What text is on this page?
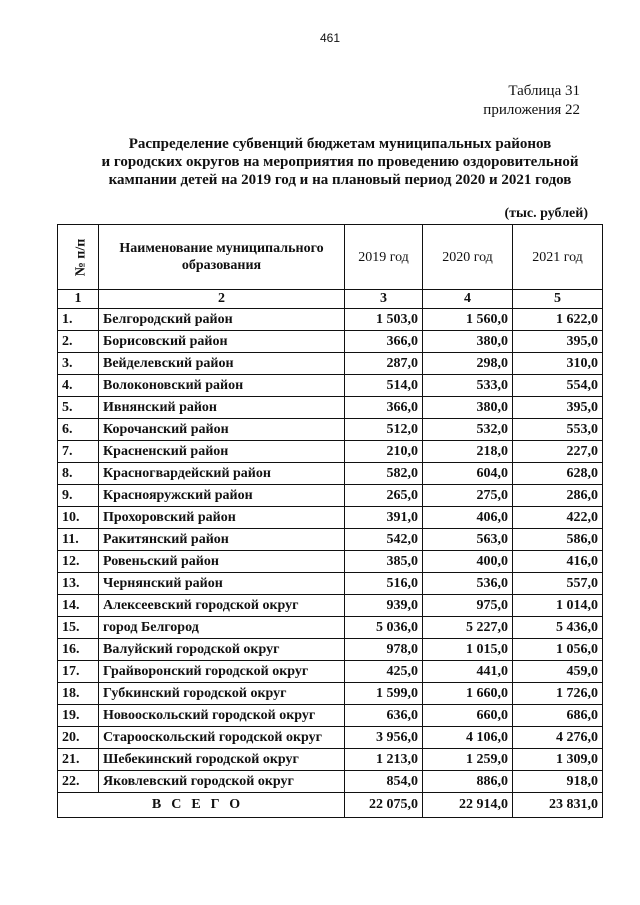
461
Таблица 31
приложения 22
Распределение субвенций бюджетам муниципальных районов
и городских округов на мероприятия по проведению оздоровительной
кампании детей на 2019 год и на плановый период 2020 и 2021 годов
(тыс. рублей)
№ п/п	Наименование муниципального образования	2019 год	2020 год	2021 год
1	2	3	4	5
1.	Белгородский район	1 503,0	1 560,0	1 622,0
2.	Борисовский район	366,0	380,0	395,0
3.	Вейделевский район	287,0	298,0	310,0
4.	Волоконовский район	514,0	533,0	554,0
5.	Ивнянский район	366,0	380,0	395,0
6.	Корочанский район	512,0	532,0	553,0
7.	Красненский район	210,0	218,0	227,0
8.	Красногвардейский район	582,0	604,0	628,0
9.	Краснояружский район	265,0	275,0	286,0
10.	Прохоровский район	391,0	406,0	422,0
11.	Ракитянский район	542,0	563,0	586,0
12.	Ровеньский район	385,0	400,0	416,0
13.	Чернянский район	516,0	536,0	557,0
14.	Алексеевский городской округ	939,0	975,0	1 014,0
15.	город Белгород	5 036,0	5 227,0	5 436,0
16.	Валуйский городской округ	978,0	1 015,0	1 056,0
17.	Грайворонский городской округ	425,0	441,0	459,0
18.	Губкинский городской округ	1 599,0	1 660,0	1 726,0
19.	Новооскольский городской округ	636,0	660,0	686,0
20.	Старооскольский городской округ	3 956,0	4 106,0	4 276,0
21.	Шебекинский городской округ	1 213,0	1 259,0	1 309,0
22.	Яковлевский городской округ	854,0	886,0	918,0
ВСЕГО		22 075,0	22 914,0	23 831,0
